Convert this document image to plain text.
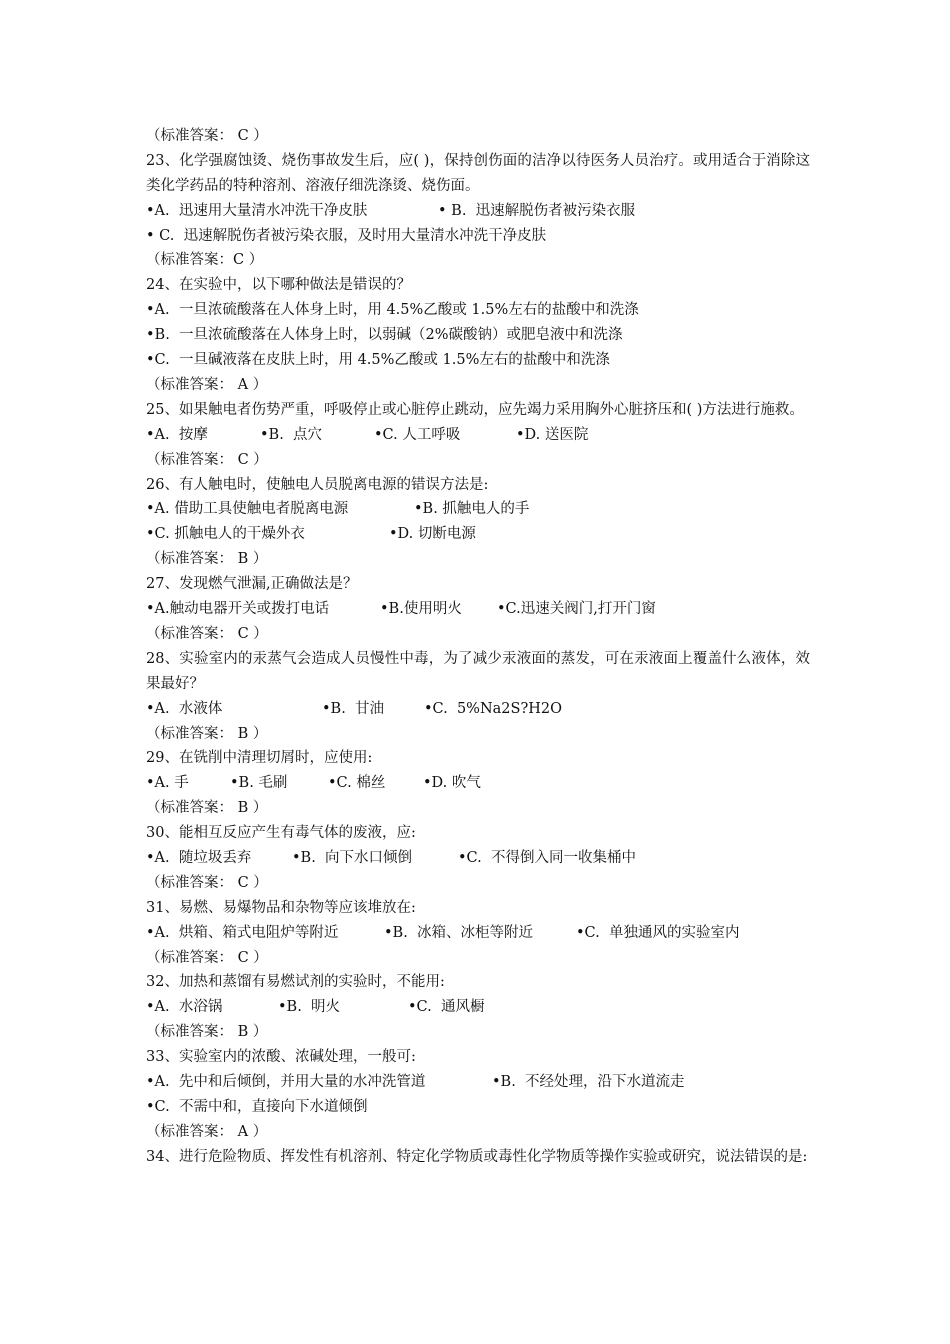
（标准答案： C ）
23、化学强腐蚀烫、烧伤事故发生后，应( )，保持创伤面的洁净以待医务人员治疗。或用适合于消除这类化学药品的特种溶剂、溶液仔细洗涤烫、烧伤面。
•A.  迅速用大量清水冲洗干净皮肤	• B.  迅速解脱伤者被污染衣服
• C.  迅速解脱伤者被污染衣服，及时用大量清水冲洗干净皮肤
（标准答案：C ）
24、在实验中，以下哪种做法是错误的？
•A.  一旦浓硫酸落在人体身上时，用 4.5%乙酸或 1.5%左右的盐酸中和洗涤
•B.  一旦浓硫酸落在人体身上时，以弱碱（2%碳酸钠）或肥皂液中和洗涤
•C.  一旦碱液落在皮肤上时，用 4.5%乙酸或 1.5%左右的盐酸中和洗涤
（标准答案： A ）
25、如果触电者伤势严重，呼吸停止或心脏停止跳动，应先竭力采用胸外心脏挤压和( )方法进行施救。
•A.  按摩	•B.  点穴	•C. 人工呼吸	•D. 送医院
（标准答案： C ）
26、有人触电时，使触电人员脱离电源的错误方法是:
•A. 借助工具使触电者脱离电源	•B. 抓触电人的手
•C. 抓触电人的干燥外衣	•D. 切断电源
（标准答案： B ）
27、发现燃气泄漏,正确做法是？
•A.触动电器开关或拨打电话	•B.使用明火 •C.迅速关阀门,打开门窗
（标准答案： C ）
28、实验室内的汞蒸气会造成人员慢性中毒，为了减少汞液面的蒸发，可在汞液面上覆盖什么液体，效果最好？
•A.  水液体	•B.  甘油	•C.  5%Na2S?H2O
（标准答案： B ）
29、在铣削中清理切屑时，应使用:
•A. 手	•B. 毛刷	•C. 棉丝	•D. 吹气
（标准答案： B ）
30、能相互反应产生有毒气体的废液，应:
•A.  随垃圾丢弃	•B.  向下水口倾倒	•C.  不得倒入同一收集桶中
（标准答案： C ）
31、易燃、易爆物品和杂物等应该堆放在:
•A.  烘箱、箱式电阻炉等附近	•B.  冰箱、冰柜等附近	•C.  单独通风的实验室内
（标准答案： C ）
32、加热和蒸馏有易燃试剂的实验时，不能用:
•A.  水浴锅	•B.  明火	•C.  通风橱
（标准答案： B ）
33、实验室内的浓酸、浓碱处理，一般可:
•A.  先中和后倾倒，并用大量的水冲洗管道	•B.  不经处理，沿下水道流走
•C.  不需中和，直接向下水道倾倒
（标准答案： A ）
34、进行危险物质、挥发性有机溶剂、特定化学物质或毒性化学物质等操作实验或研究，说法错误的是:
